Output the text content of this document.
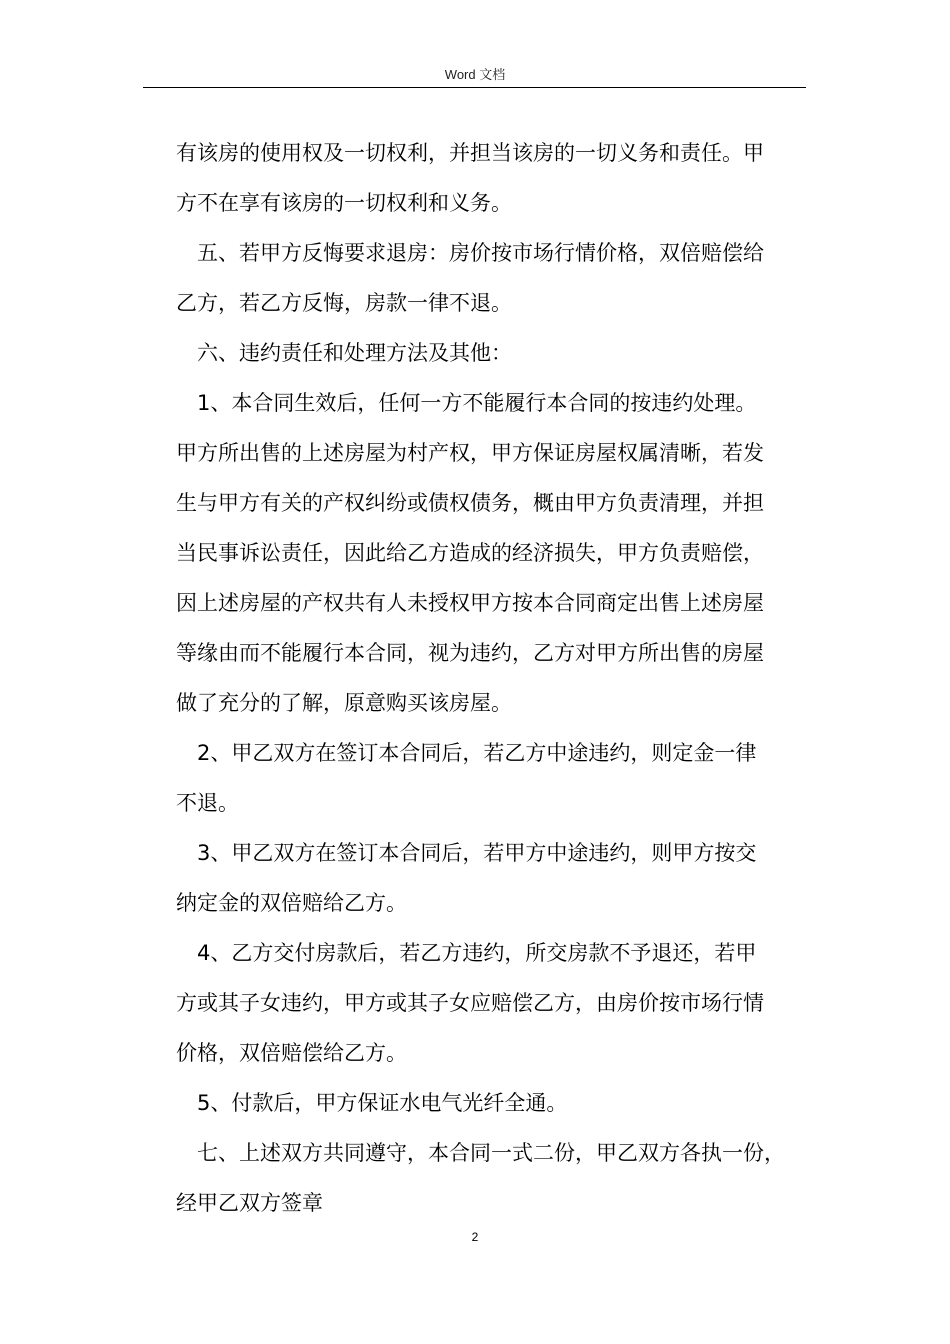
Word 文档
有该房的使用权及一切权利，并担当该房的一切义务和责任。甲
方不在享有该房的一切权利和义务。
五、若甲方反悔要求退房：房价按市场行情价格，双倍赔偿给
乙方，若乙方反悔，房款一律不退。
六、违约责任和处理方法及其他：
1、本合同生效后，任何一方不能履行本合同的按违约处理。
甲方所出售的上述房屋为村产权，甲方保证房屋权属清晰，若发
生与甲方有关的产权纠纷或债权债务，概由甲方负责清理，并担
当民事诉讼责任，因此给乙方造成的经济损失，甲方负责赔偿，
因上述房屋的产权共有人未授权甲方按本合同商定出售上述房屋
等缘由而不能履行本合同，视为违约，乙方对甲方所出售的房屋
做了充分的了解，原意购买该房屋。
2、甲乙双方在签订本合同后，若乙方中途违约，则定金一律
不退。
3、甲乙双方在签订本合同后，若甲方中途违约，则甲方按交
纳定金的双倍赔给乙方。
4、乙方交付房款后，若乙方违约，所交房款不予退还，若甲
方或其子女违约，甲方或其子女应赔偿乙方，由房价按市场行情
价格，双倍赔偿给乙方。
5、付款后，甲方保证水电气光纤全通。
七、上述双方共同遵守，本合同一式二份，甲乙双方各执一份，
经甲乙双方签章
2
